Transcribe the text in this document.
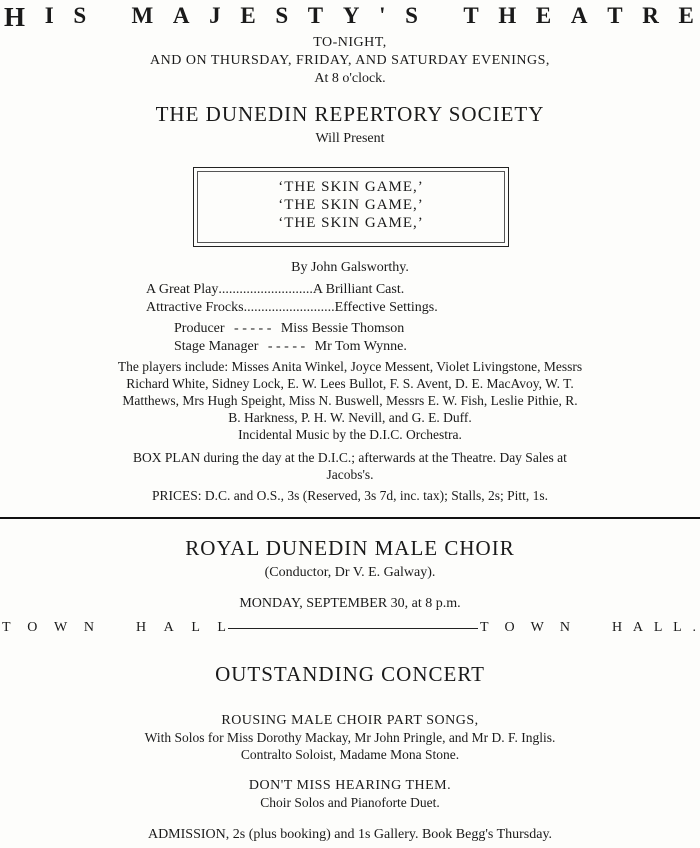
H I S M A J E S T Y ' S T H E A T R E
TO-NIGHT,
AND ON THURSDAY, FRIDAY, AND SATURDAY EVENINGS,
At 8 o'clock.
THE DUNEDIN REPERTORY SOCIETY
Will Present
‘THE SKIN GAME,’
‘THE SKIN GAME,’
‘THE SKIN GAME,’
By John Galsworthy.
A Great Play...........................A Brilliant Cast.
Attractive Frocks..........................Effective Settings.
Producer - - - - - Miss Bessie Thomson
Stage Manager - - - - - Mr Tom Wynne.
The players include: Misses Anita Winkel, Joyce Messent, Violet Livingstone, Messrs
Richard White, Sidney Lock, E. W. Lees Bullot, F. S. Avent, D. E. MacAvoy, W. T.
Matthews, Mrs Hugh Speight, Miss N. Buswell, Messrs E. W. Fish, Leslie Pithie, R.
B. Harkness, P. H. W. Nevill, and G. E. Duff.
Incidental Music by the D.I.C. Orchestra.
BOX PLAN during the day at the D.I.C.; afterwards at the Theatre. Day Sales at
Jacobs's.
PRICES: D.C. and O.S., 3s (Reserved, 3s 7d, inc. tax); Stalls, 2s; Pitt, 1s.
ROYAL DUNEDIN MALE CHOIR
(Conductor, Dr V. E. Galway).
MONDAY, SEPTEMBER 30, at 8 p.m.
T O W N	H A L L	T O W N	H A L L .
OUTSTANDING CONCERT
ROUSING MALE CHOIR PART SONGS,
With Solos for Miss Dorothy Mackay, Mr John Pringle, and Mr D. F. Inglis.
Contralto Soloist, Madame Mona Stone.
DON'T MISS HEARING THEM.
Choir Solos and Pianoforte Duet.
ADMISSION, 2s (plus booking) and 1s Gallery. Book Begg's Thursday.
